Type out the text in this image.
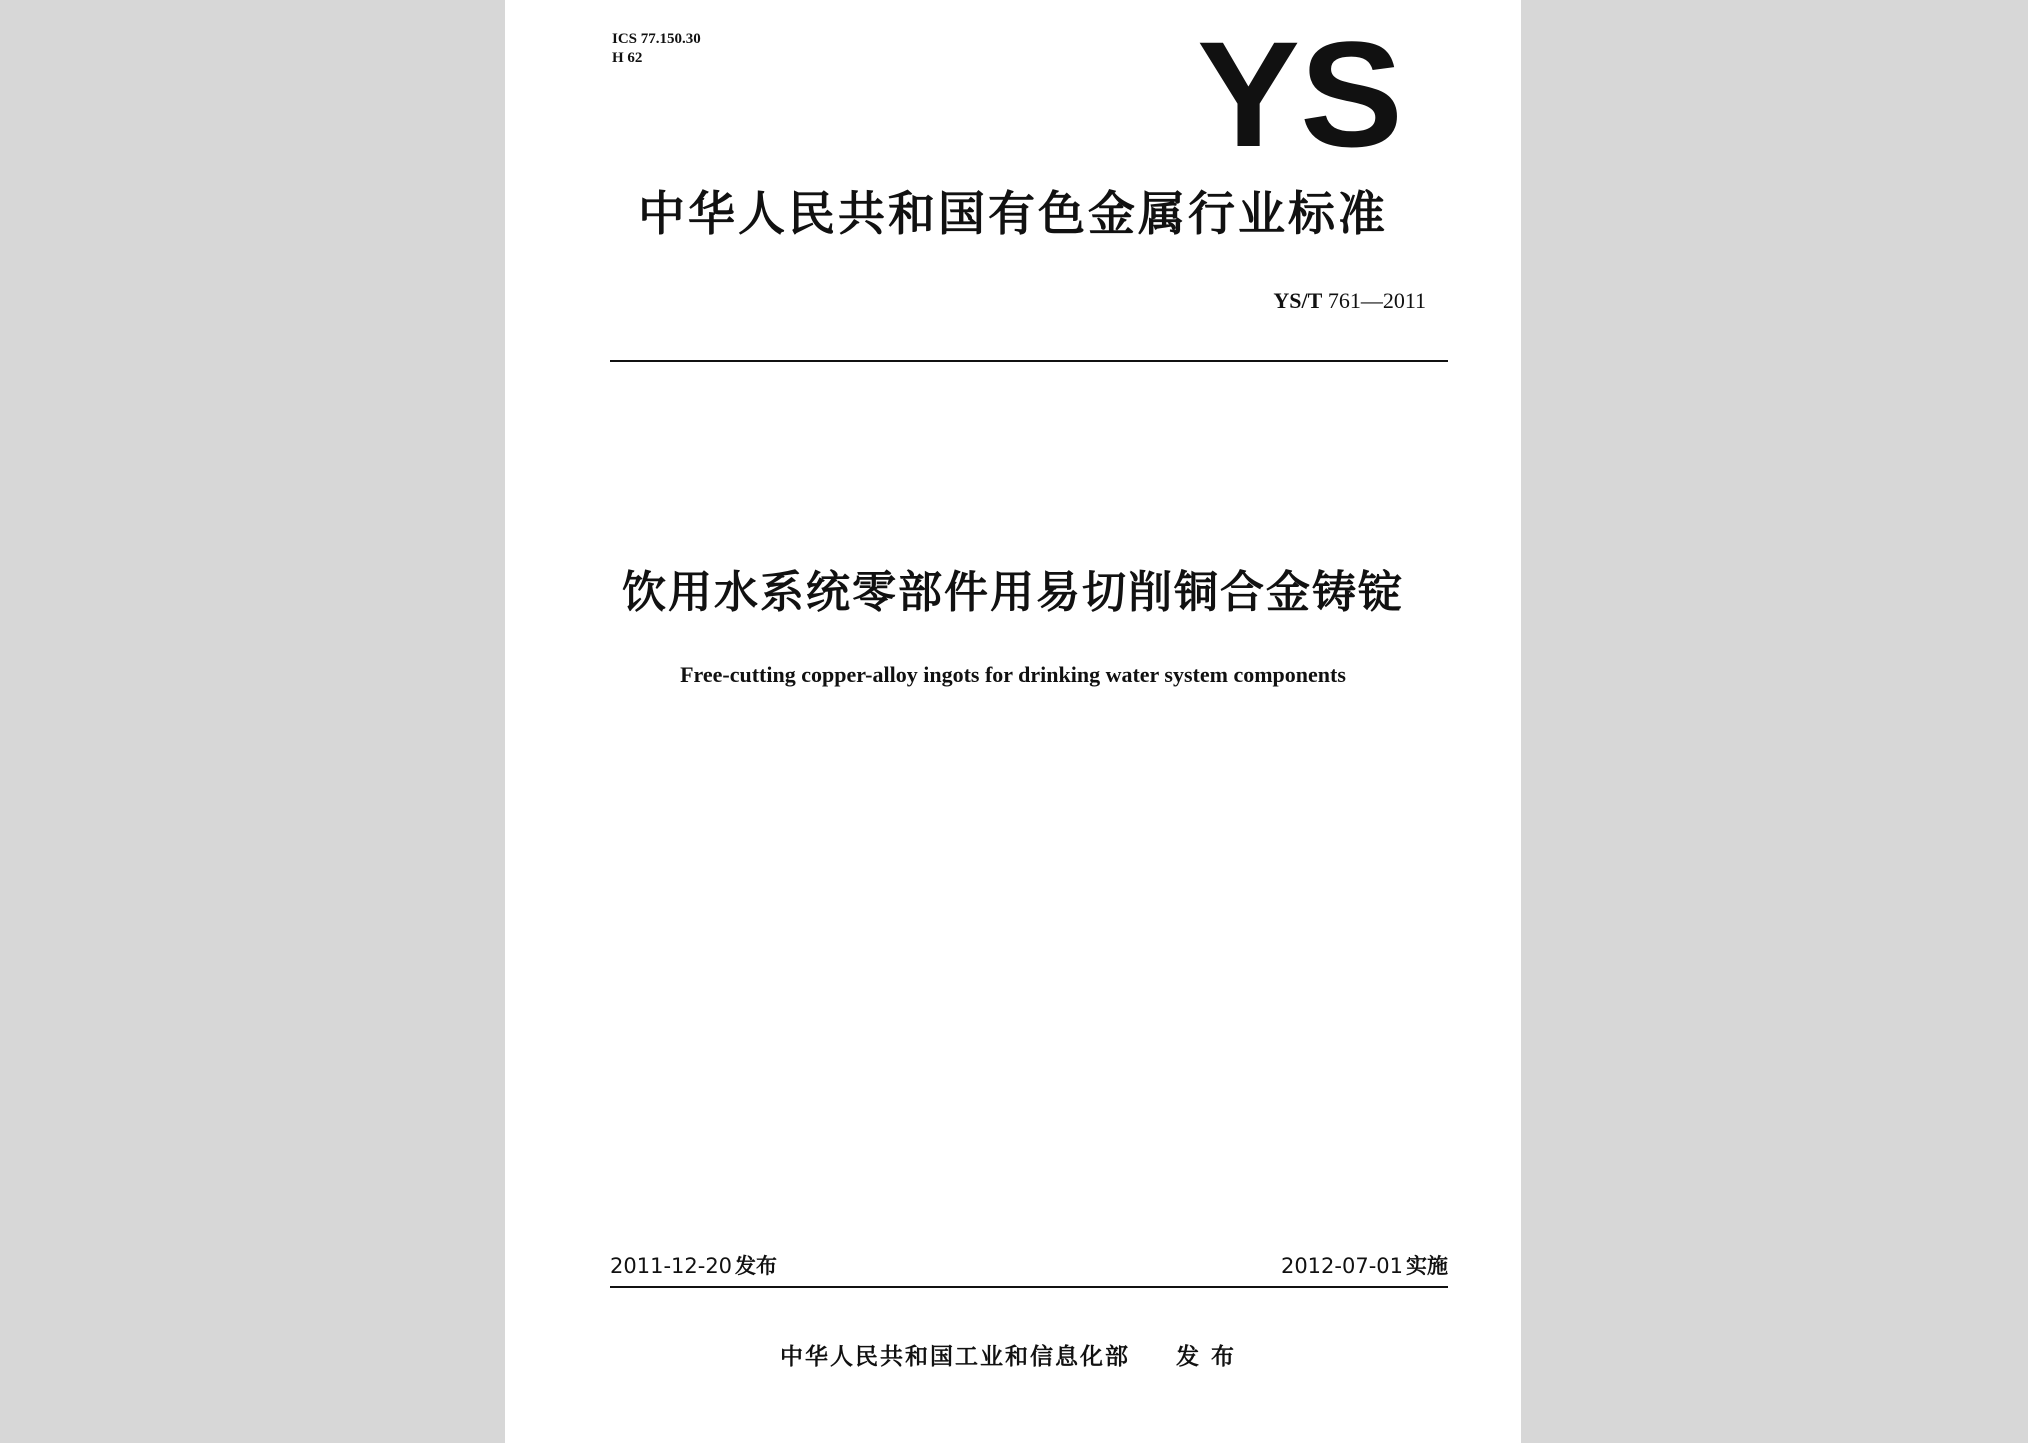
ICS 77.150.30
H 62	YS
中华人民共和国有色金属行业标准
YS/T 761—2011
饮用水系统零部件用易切削铜合金铸锭
Free-cutting copper-alloy ingots for drinking water system components
2011-12-20 发布	2012-07-01 实施
中华人民共和国工业和信息化部 发布
